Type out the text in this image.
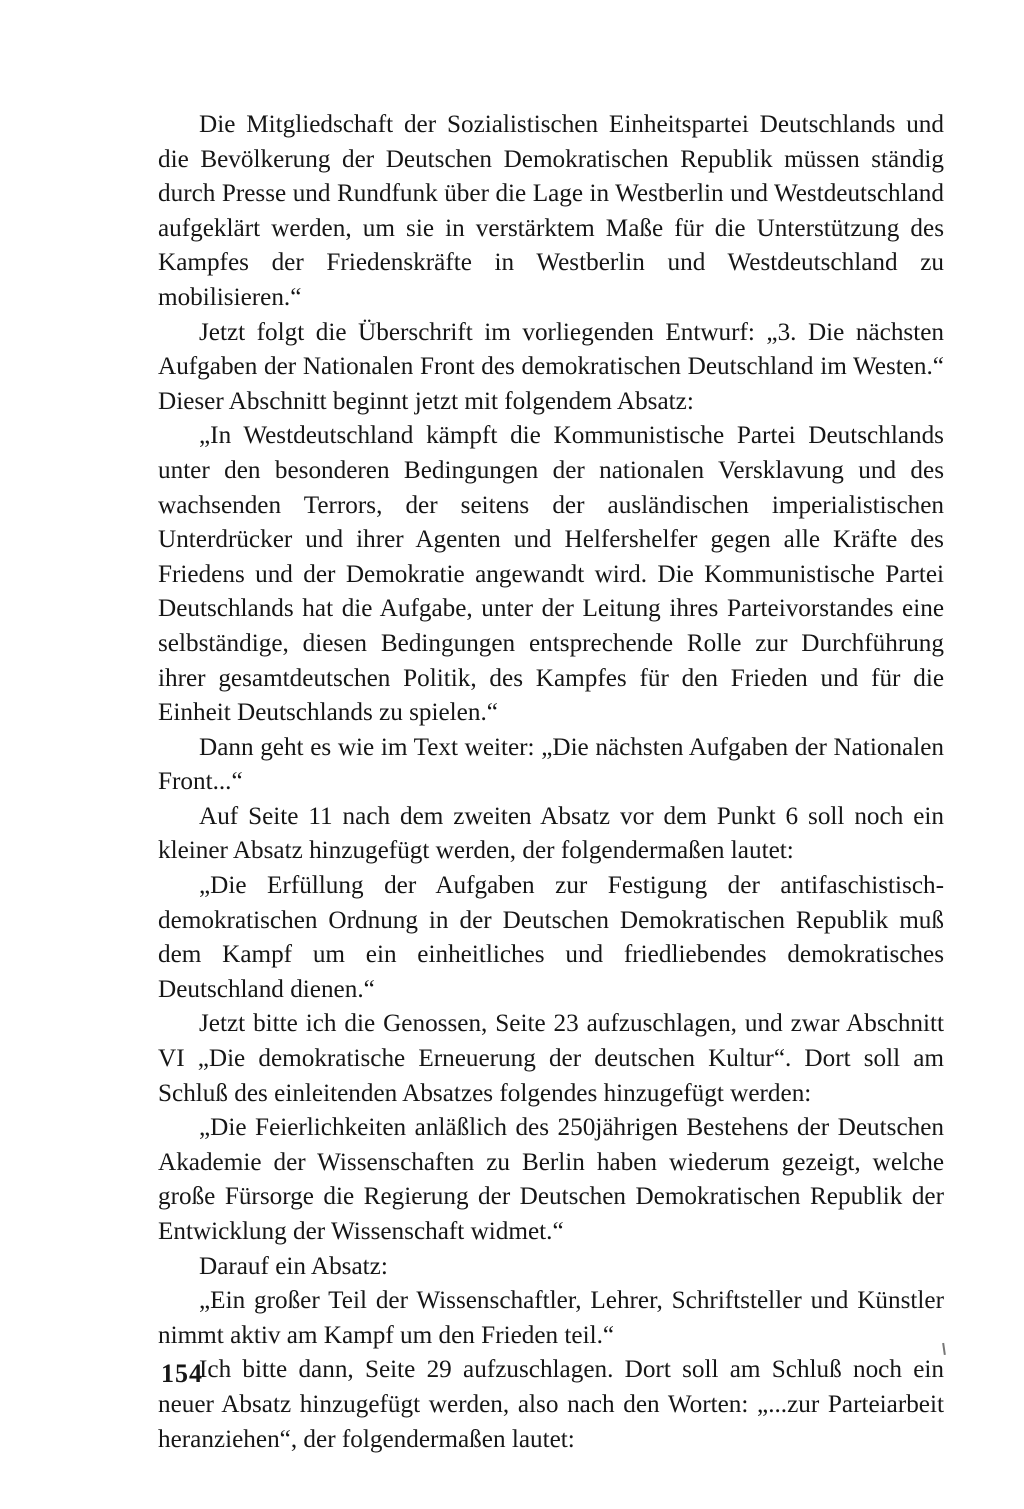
Die Mitgliedschaft der Sozialistischen Einheitspartei Deutschlands und die Bevölkerung der Deutschen Demokratischen Republik müssen ständig durch Presse und Rundfunk über die Lage in Westberlin und Westdeutschland aufgeklärt werden, um sie in verstärktem Maße für die Unterstützung des Kampfes der Friedenskräfte in Westberlin und Westdeutschland zu mobilisieren.“

Jetzt folgt die Überschrift im vorliegenden Entwurf: „3. Die nächsten Aufgaben der Nationalen Front des demokratischen Deutschland im Westen.“ Dieser Abschnitt beginnt jetzt mit folgendem Absatz:

„In Westdeutschland kämpft die Kommunistische Partei Deutschlands unter den besonderen Bedingungen der nationalen Versklavung und des wachsenden Terrors, der seitens der ausländischen imperialistischen Unterdrücker und ihrer Agenten und Helfershelfer gegen alle Kräfte des Friedens und der Demokratie angewandt wird. Die Kommunistische Partei Deutschlands hat die Aufgabe, unter der Leitung ihres Parteivorstandes eine selbständige, diesen Bedingungen entsprechende Rolle zur Durchführung ihrer gesamtdeutschen Politik, des Kampfes für den Frieden und für die Einheit Deutschlands zu spielen.“

Dann geht es wie im Text weiter: „Die nächsten Aufgaben der Nationalen Front...“

Auf Seite 11 nach dem zweiten Absatz vor dem Punkt 6 soll noch ein kleiner Absatz hinzugefügt werden, der folgendermaßen lautet:

„Die Erfüllung der Aufgaben zur Festigung der antifaschistisch-demokratischen Ordnung in der Deutschen Demokratischen Republik muß dem Kampf um ein einheitliches und friedliebendes demokratisches Deutschland dienen.“

Jetzt bitte ich die Genossen, Seite 23 aufzuschlagen, und zwar Abschnitt VI „Die demokratische Erneuerung der deutschen Kultur“. Dort soll am Schluß des einleitenden Absatzes folgendes hinzugefügt werden:

„Die Feierlichkeiten anläßlich des 250jährigen Bestehens der Deutschen Akademie der Wissenschaften zu Berlin haben wiederum gezeigt, welche große Fürsorge die Regierung der Deutschen Demokratischen Republik der Entwicklung der Wissenschaft widmet.“

Darauf ein Absatz:

„Ein großer Teil der Wissenschaftler, Lehrer, Schriftsteller und Künstler nimmt aktiv am Kampf um den Frieden teil.“

Ich bitte dann, Seite 29 aufzuschlagen. Dort soll am Schluß noch ein neuer Absatz hinzugefügt werden, also nach den Worten: „...zur Parteiarbeit heranziehen“, der folgendermaßen lautet:

154
